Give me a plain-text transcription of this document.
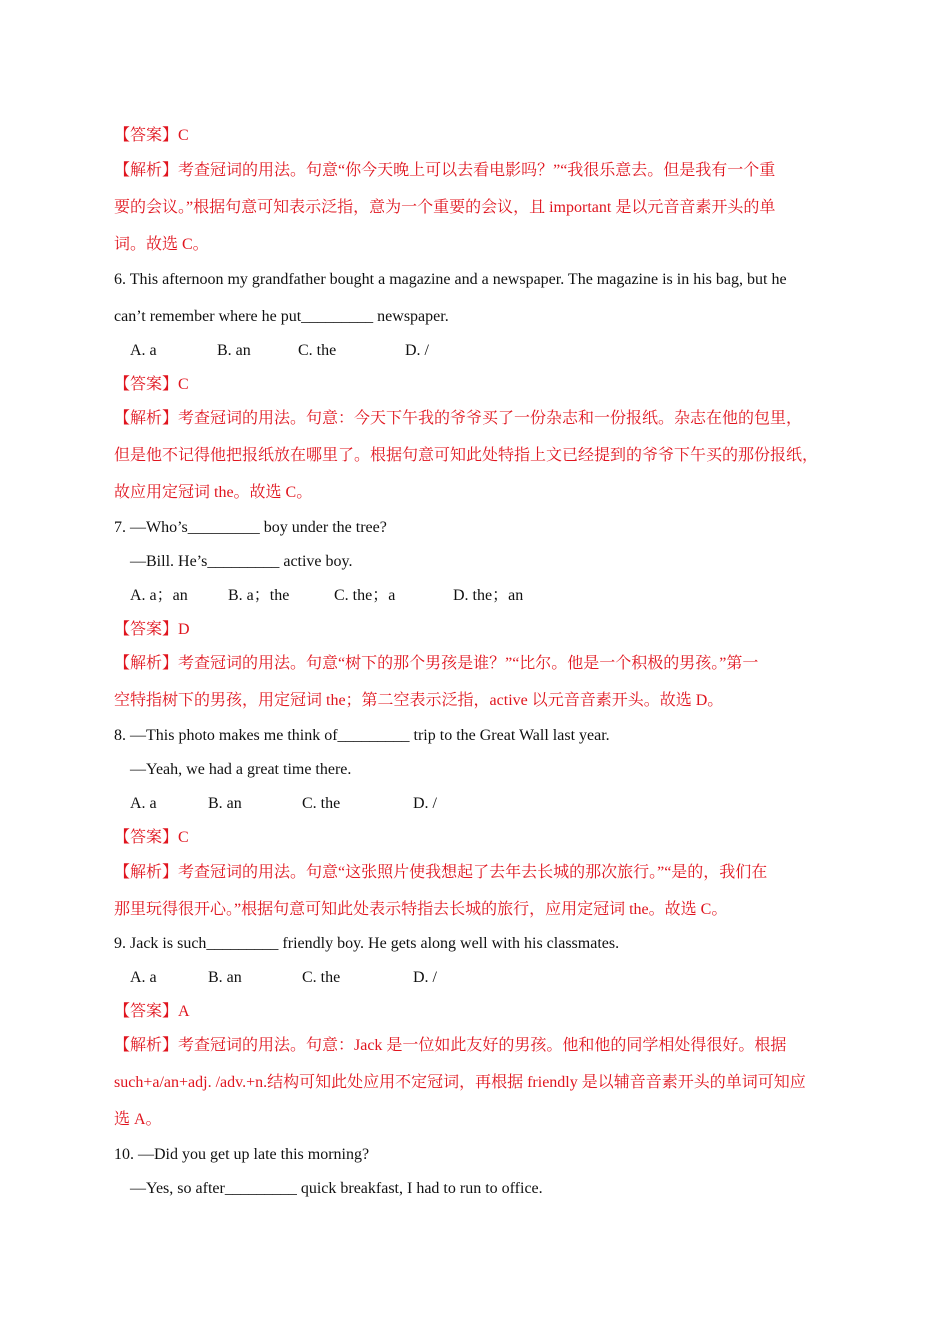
【答案】C
【解析】考查冠词的用法。句意“你今天晚上可以去看电影吗？”“我很乐意去。但是我有一个重
要的会议。”根据句意可知表示泛指，意为一个重要的会议，且 important 是以元音音素开头的单
词。故选 C。
6. This afternoon my grandfather bought a magazine and a newspaper. The magazine is in his bag, but he
can’t remember where he put_________ newspaper.
A. a	B. an	C. the	D. /
【答案】C
【解析】考查冠词的用法。句意：今天下午我的爷爷买了一份杂志和一份报纸。杂志在他的包里，
但是他不记得他把报纸放在哪里了。根据句意可知此处特指上文已经提到的爷爷下午买的那份报纸，
故应用定冠词 the。故选 C。
7. —Who’s_________ boy under the tree?
—Bill. He’s_________ active boy.
A. a；an	B. a；the	C. the；a	D. the；an
【答案】D
【解析】考查冠词的用法。句意“树下的那个男孩是谁？”“比尔。他是一个积极的男孩。”第一
空特指树下的男孩，用定冠词 the；第二空表示泛指，active 以元音音素开头。故选 D。
8. —This photo makes me think of_________ trip to the Great Wall last year.
—Yeah, we had a great time there.
A. a	B. an	C. the	D. /
【答案】C
【解析】考查冠词的用法。句意“这张照片使我想起了去年去长城的那次旅行。”“是的，我们在
那里玩得很开心。”根据句意可知此处表示特指去长城的旅行，应用定冠词 the。故选 C。
9. Jack is such_________ friendly boy. He gets along well with his classmates.
A. a	B. an	C. the	D. /
【答案】A
【解析】考查冠词的用法。句意：Jack 是一位如此友好的男孩。他和他的同学相处得很好。根据
such+a/an+adj. /adv.+n.结构可知此处应用不定冠词，再根据 friendly 是以辅音音素开头的单词可知应
选 A。
10. —Did you get up late this morning?
—Yes, so after_________ quick breakfast, I had to run to office.
